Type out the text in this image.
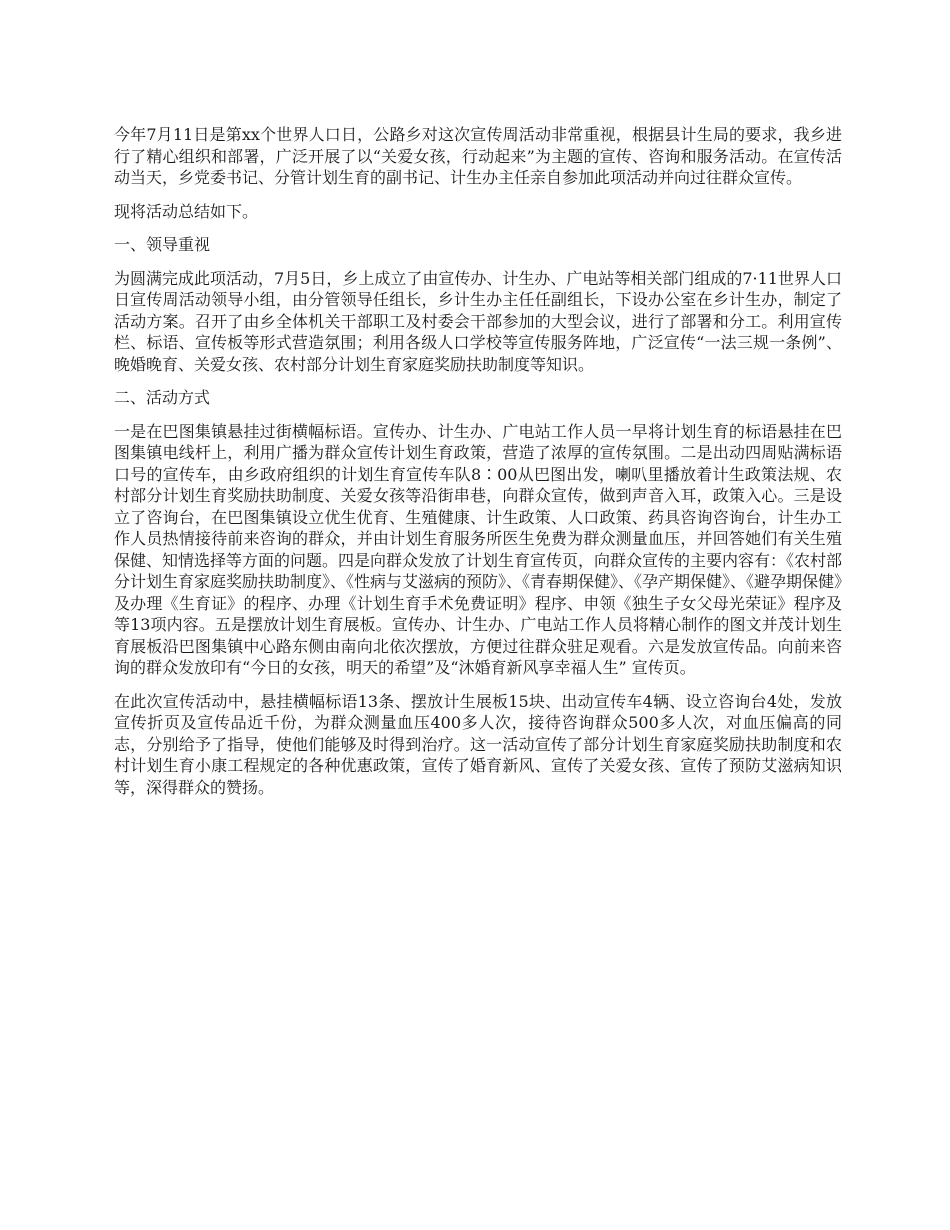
今年7月11日是第xx个世界人口日，公路乡对这次宣传周活动非常重视，根据县计生局的要求，我乡进行了精心组织和部署，广泛开展了以“关爱女孩，行动起来”为主题的宣传、咨询和服务活动。在宣传活动当天，乡党委书记、分管计划生育的副书记、计生办主任亲自参加此项活动并向过往群众宣传。

现将活动总结如下。

一、领导重视

为圆满完成此项活动，7月5日，乡上成立了由宣传办、计生办、广电站等相关部门组成的7·11世界人口日宣传周活动领导小组，由分管领导任组长，乡计生办主任任副组长，下设办公室在乡计生办，制定了活动方案。召开了由乡全体机关干部职工及村委会干部参加的大型会议，进行了部署和分工。利用宣传栏、标语、宣传板等形式营造氛围；利用各级人口学校等宣传服务阵地，广泛宣传“一法三规一条例”、晚婚晚育、关爱女孩、农村部分计划生育家庭奖励扶助制度等知识。

二、活动方式

一是在巴图集镇悬挂过街横幅标语。宣传办、计生办、广电站工作人员一早将计划生育的标语悬挂在巴图集镇电线杆上，利用广播为群众宣传计划生育政策，营造了浓厚的宣传氛围。二是出动四周贴满标语口号的宣传车，由乡政府组织的计划生育宣传车队8∶00从巴图出发，喇叭里播放着计生政策法规、农村部分计划生育奖励扶助制度、关爱女孩等沿街串巷，向群众宣传，做到声音入耳，政策入心。三是设立了咨询台，在巴图集镇设立优生优育、生殖健康、计生政策、人口政策、药具咨询咨询台，计生办工作人员热情接待前来咨询的群众，并由计划生育服务所医生免费为群众测量血压，并回答她们有关生殖保健、知情选择等方面的问题。四是向群众发放了计划生育宣传页，向群众宣传的主要内容有：《农村部分计划生育家庭奖励扶助制度》、《性病与艾滋病的预防》、《青春期保健》、《孕产期保健》、《避孕期保健》及办理《生育证》的程序、办理《计划生育手术免费证明》程序、申领《独生子女父母光荣证》程序及等13项内容。五是摆放计划生育展板。宣传办、计生办、广电站工作人员将精心制作的图文并茂计划生育展板沿巴图集镇中心路东侧由南向北依次摆放，方便过往群众驻足观看。六是发放宣传品。向前来咨询的群众发放印有“今日的女孩，明天的希望”及“沐婚育新风享幸福人生” 宣传页。

在此次宣传活动中，悬挂横幅标语13条、摆放计生展板15块、出动宣传车4辆、设立咨询台4处，发放宣传折页及宣传品近千份，为群众测量血压400多人次，接待咨询群众500多人次，对血压偏高的同志，分别给予了指导，使他们能够及时得到治疗。这一活动宣传了部分计划生育家庭奖励扶助制度和农村计划生育小康工程规定的各种优惠政策，宣传了婚育新风、宣传了关爱女孩、宣传了预防艾滋病知识等，深得群众的赞扬。
